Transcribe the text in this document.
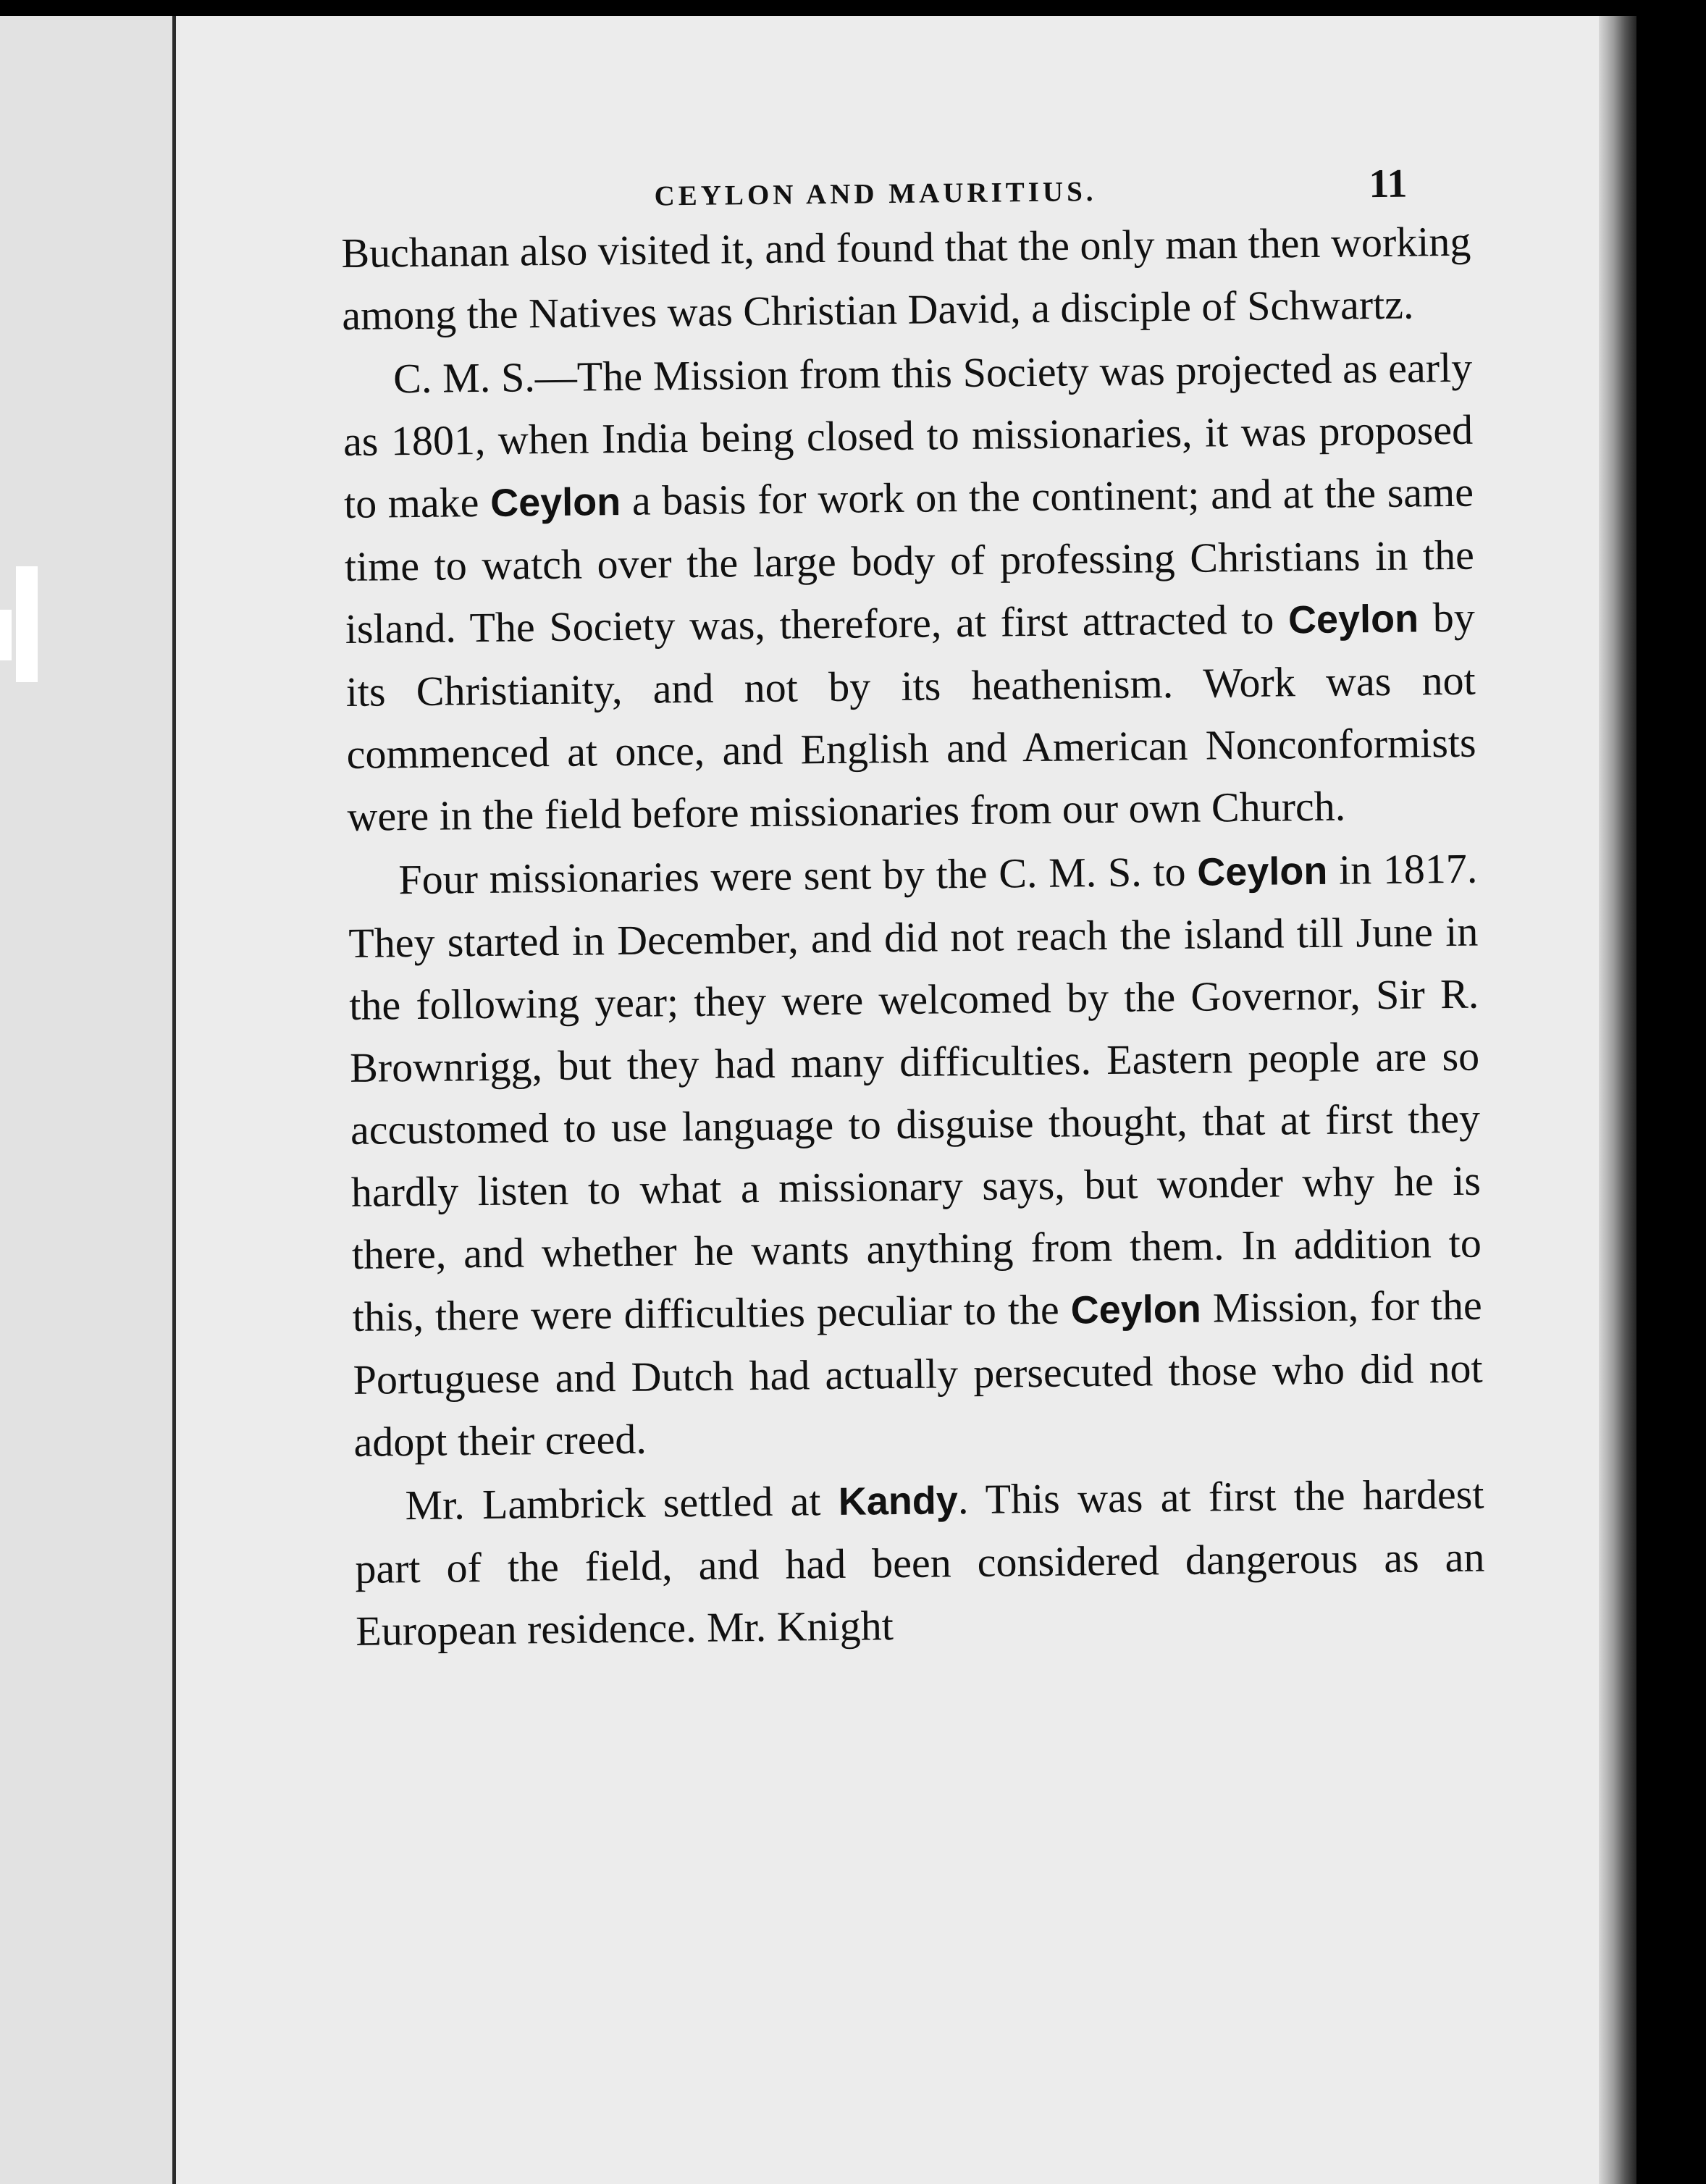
CEYLON AND MAURITIUS.	11

Buchanan also visited it, and found that the only man then working among the Natives was Christian David, a disciple of Schwartz.

C. M. S.—The Mission from this Society was projected as early as 1801, when India being closed to missionaries, it was proposed to make Ceylon a basis for work on the continent; and at the same time to watch over the large body of professing Christians in the island. The Society was, therefore, at first attracted to Ceylon by its Christianity, and not by its heathenism. Work was not commenced at once, and English and American Nonconformists were in the field before missionaries from our own Church.

Four missionaries were sent by the C. M. S. to Ceylon in 1817. They started in December, and did not reach the island till June in the following year; they were welcomed by the Governor, Sir R. Brownrigg, but they had many difficulties. Eastern people are so accustomed to use language to disguise thought, that at first they hardly listen to what a missionary says, but wonder why he is there, and whether he wants anything from them. In addition to this, there were difficulties peculiar to the Ceylon Mission, for the Portuguese and Dutch had actually persecuted those who did not adopt their creed.

Mr. Lambrick settled at Kandy. This was at first the hardest part of the field, and had been considered dangerous as an European residence. Mr. Knight
